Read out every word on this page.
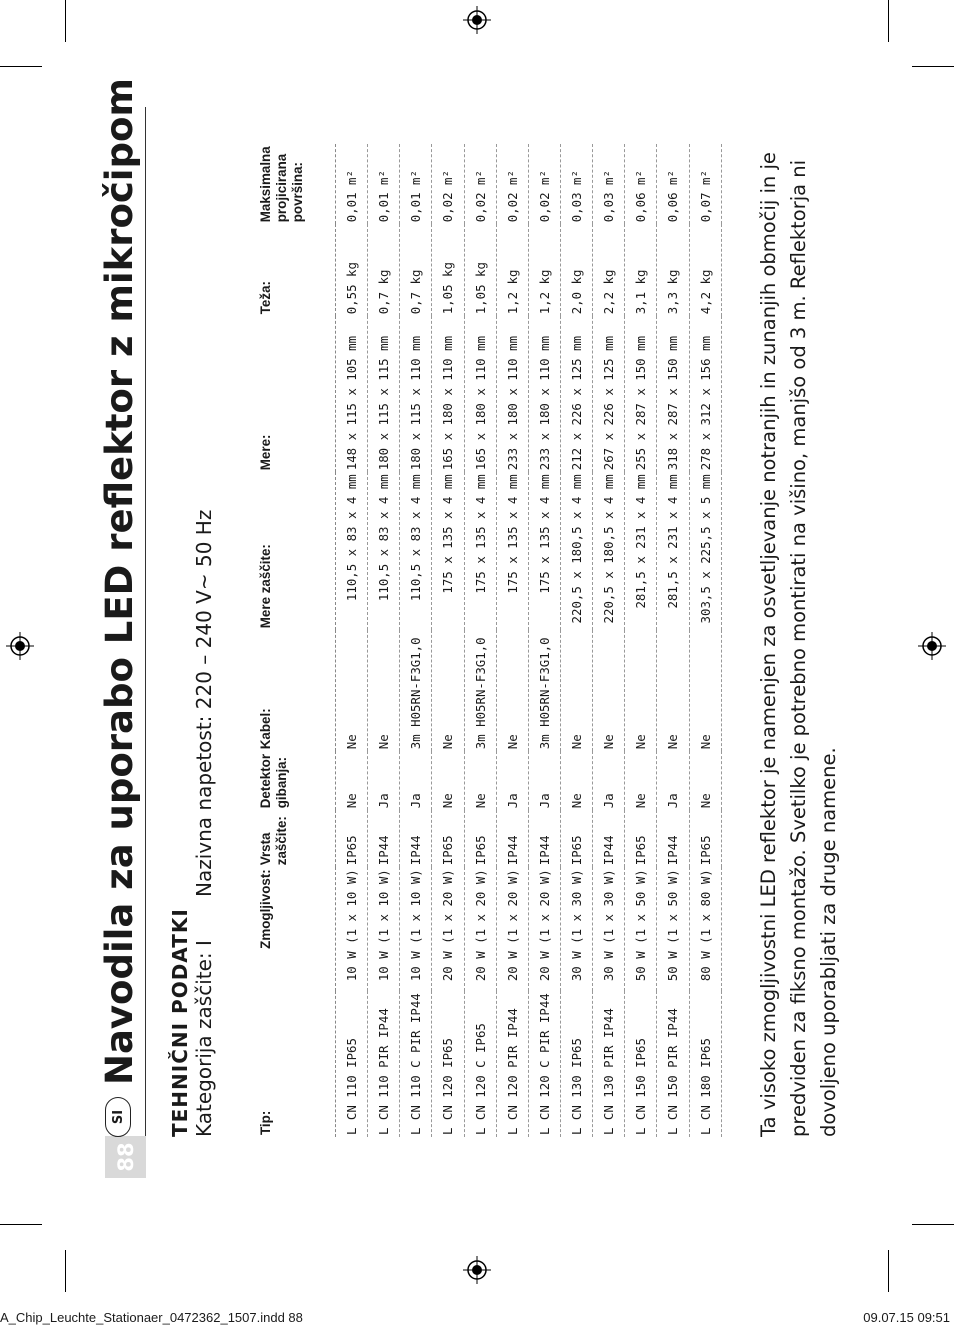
88
SI
Navodila za uporabo LED reflektor z mikročipom TEHNIČNI PODATKI Kategorija zaščite: INazivna napetost: 220 – 240 V~ 50 Hz
Tip:	Zmogljivost:	Vrsta zaščite:	Detektor gibanja:	Kabel:	Mere zaščite:	Mere:	Teža:	Maksimalna projicirana površina:
L CN 110 IP65	10 W (1 x 10 W)	IP65	Ne	Ne	110,5 x 83 x 4 mm	148 x 115 x 105 mm	0,55 kg	0,01 m²
L CN 110 PIR IP44	10 W (1 x 10 W)	IP44	Ja	Ne	110,5 x 83 x 4 mm	180 x 115 x 115 mm	0,7 kg	0,01 m²
L CN 110 C PIR IP44	10 W (1 x 10 W)	IP44	Ja	3m H05RN-F3G1,0	110,5 x 83 x 4 mm	180 x 115 x 110 mm	0,7 kg	0,01 m²
L CN 120 IP65	20 W (1 x 20 W)	IP65	Ne	Ne	175 x 135 x 4 mm	165 x 180 x 110 mm	1,05 kg	0,02 m²
L CN 120 C IP65	20 W (1 x 20 W)	IP65	Ne	3m H05RN-F3G1,0	175 x 135 x 4 mm	165 x 180 x 110 mm	1,05 kg	0,02 m²
L CN 120 PIR IP44	20 W (1 x 20 W)	IP44	Ja	Ne	175 x 135 x 4 mm	233 x 180 x 110 mm	1,2 kg	0,02 m²
L CN 120 C PIR IP44	20 W (1 x 20 W)	IP44	Ja	3m H05RN-F3G1,0	175 x 135 x 4 mm	233 x 180 x 110 mm	1,2 kg	0,02 m²
L CN 130 IP65	30 W (1 x 30 W)	IP65	Ne	Ne	220,5 x 180,5 x 4 mm	212 x 226 x 125 mm	2,0 kg	0,03 m²
L CN 130 PIR IP44	30 W (1 x 30 W)	IP44	Ja	Ne	220,5 x 180,5 x 4 mm	267 x 226 x 125 mm	2,2 kg	0,03 m²
L CN 150 IP65	50 W (1 x 50 W)	IP65	Ne	Ne	281,5 x 231 x 4 mm	255 x 287 x 150 mm	3,1 kg	0,06 m²
L CN 150 PIR IP44	50 W (1 x 50 W)	IP44	Ja	Ne	281,5 x 231 x 4 mm	318 x 287 x 150 mm	3,3 kg	0,06 m²
L CN 180 IP65	80 W (1 x 80 W)	IP65	Ne	Ne	303,5 x 225,5 x 5 mm	278 x 312 x 156 mm	4,2 kg	0,07 m² Ta visoko zmogljivostni LED reflektor je namenjen za osvetljevanje notranjih in zunanjih območij in je predviden za fiksno montažo. Svetilko je potrebno montirati na višino, manjšo od 3 m. Reflektorja ni dovoljeno uporabljati za druge namene.
A_Chip_Leuchte_Stationaer_0472362_1507.indd 88	09.07.15 09:51
